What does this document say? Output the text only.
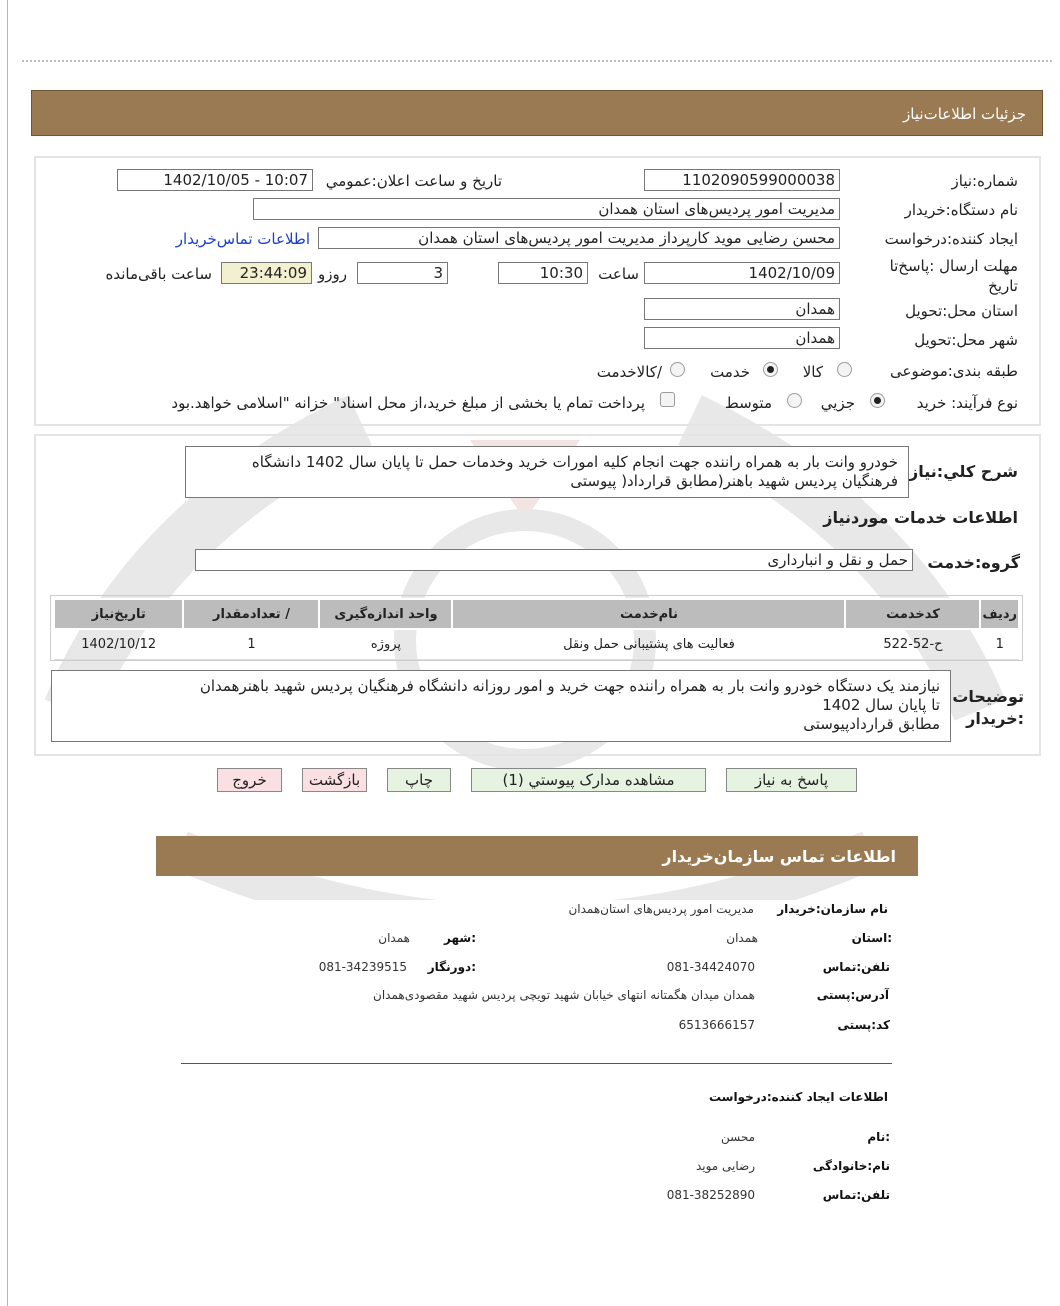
جزئيات اطلاعات‌نياز
شماره:نیاز
1102090599000038
تاریخ و ساعت اعلان:عمومي
1402/10/05 - 10:07
نام دستگاه:خریدار
مدیریت امور پردیس‌های استان همدان
ایجاد کننده:درخواست
محسن رضایی موید کارپرداز مدیریت امور پردیس‌های استان همدان
اطلاعات تماس‌خریدار
مهلت ارسال :پاسخ‌تا تاریخ
1402/10/09
ساعت
10:30
3
روزو
23:44:09
ساعت باقی‌مانده
استان محل:تحویل
همدان
شهر محل:تحویل
همدان
طبقه بندی:موضوعی
کالا
خدمت
/کالاخدمت
نوع فرآیند: خرید
جزیي
متوسط
پرداخت تمام یا بخشی از مبلغ خرید،از محل اسناد" خزانه "اسلامی خواهد.بود
شرح کلي:نیاز
خودرو وانت بار به همراه راننده جهت انجام کلیه امورات خرید وخدمات حمل تا پایان سال 1402 دانشگاه
فرهنگیان پردیس شهید باهنر(مطابق قرارداد( پیوستی
اطلاعات خدمات موردنیاز
گروه:خدمت
حمل و نقل و انبارداری
ردیف	کدخدمت	نام‌خدمت	واحد اندازه‌گیری	/ تعدادمقدار	تاریخ‌نیاز
1	ح-52-522	فعالیت های پشتیبانی حمل ونقل	پروژه	1	1402/10/12
توضیحات :خریدار
نیازمند یک دستگاه خودرو وانت بار به همراه راننده جهت خرید و امور روزانه دانشگاه فرهنگیان پردیس شهید باهنرهمدان
تا پایان سال 1402
مطابق قراردادپیوستی
پاسخ به نیاز
مشاهده مدارک پیوستي (1)
چاپ
بازگشت
خروج
اطلاعات تماس سازمان‌خریدار
نام سازمان:خریدار
مدیریت امور پردیس‌های استان‌همدان
:استان
همدان
:شهر
همدان
تلفن:تماس
081-34424070
:دورنگار
081-34239515
آدرس:پستی
همدان میدان هگمتانه انتهای خیابان شهید تویچی پردیس شهید مقصودی‌همدان
کد:پستی
6513666157
اطلاعات ایجاد کننده:درخواست
:نام
محسن
نام:خانوادگی
رضایی موید
تلفن:تماس
081-38252890
